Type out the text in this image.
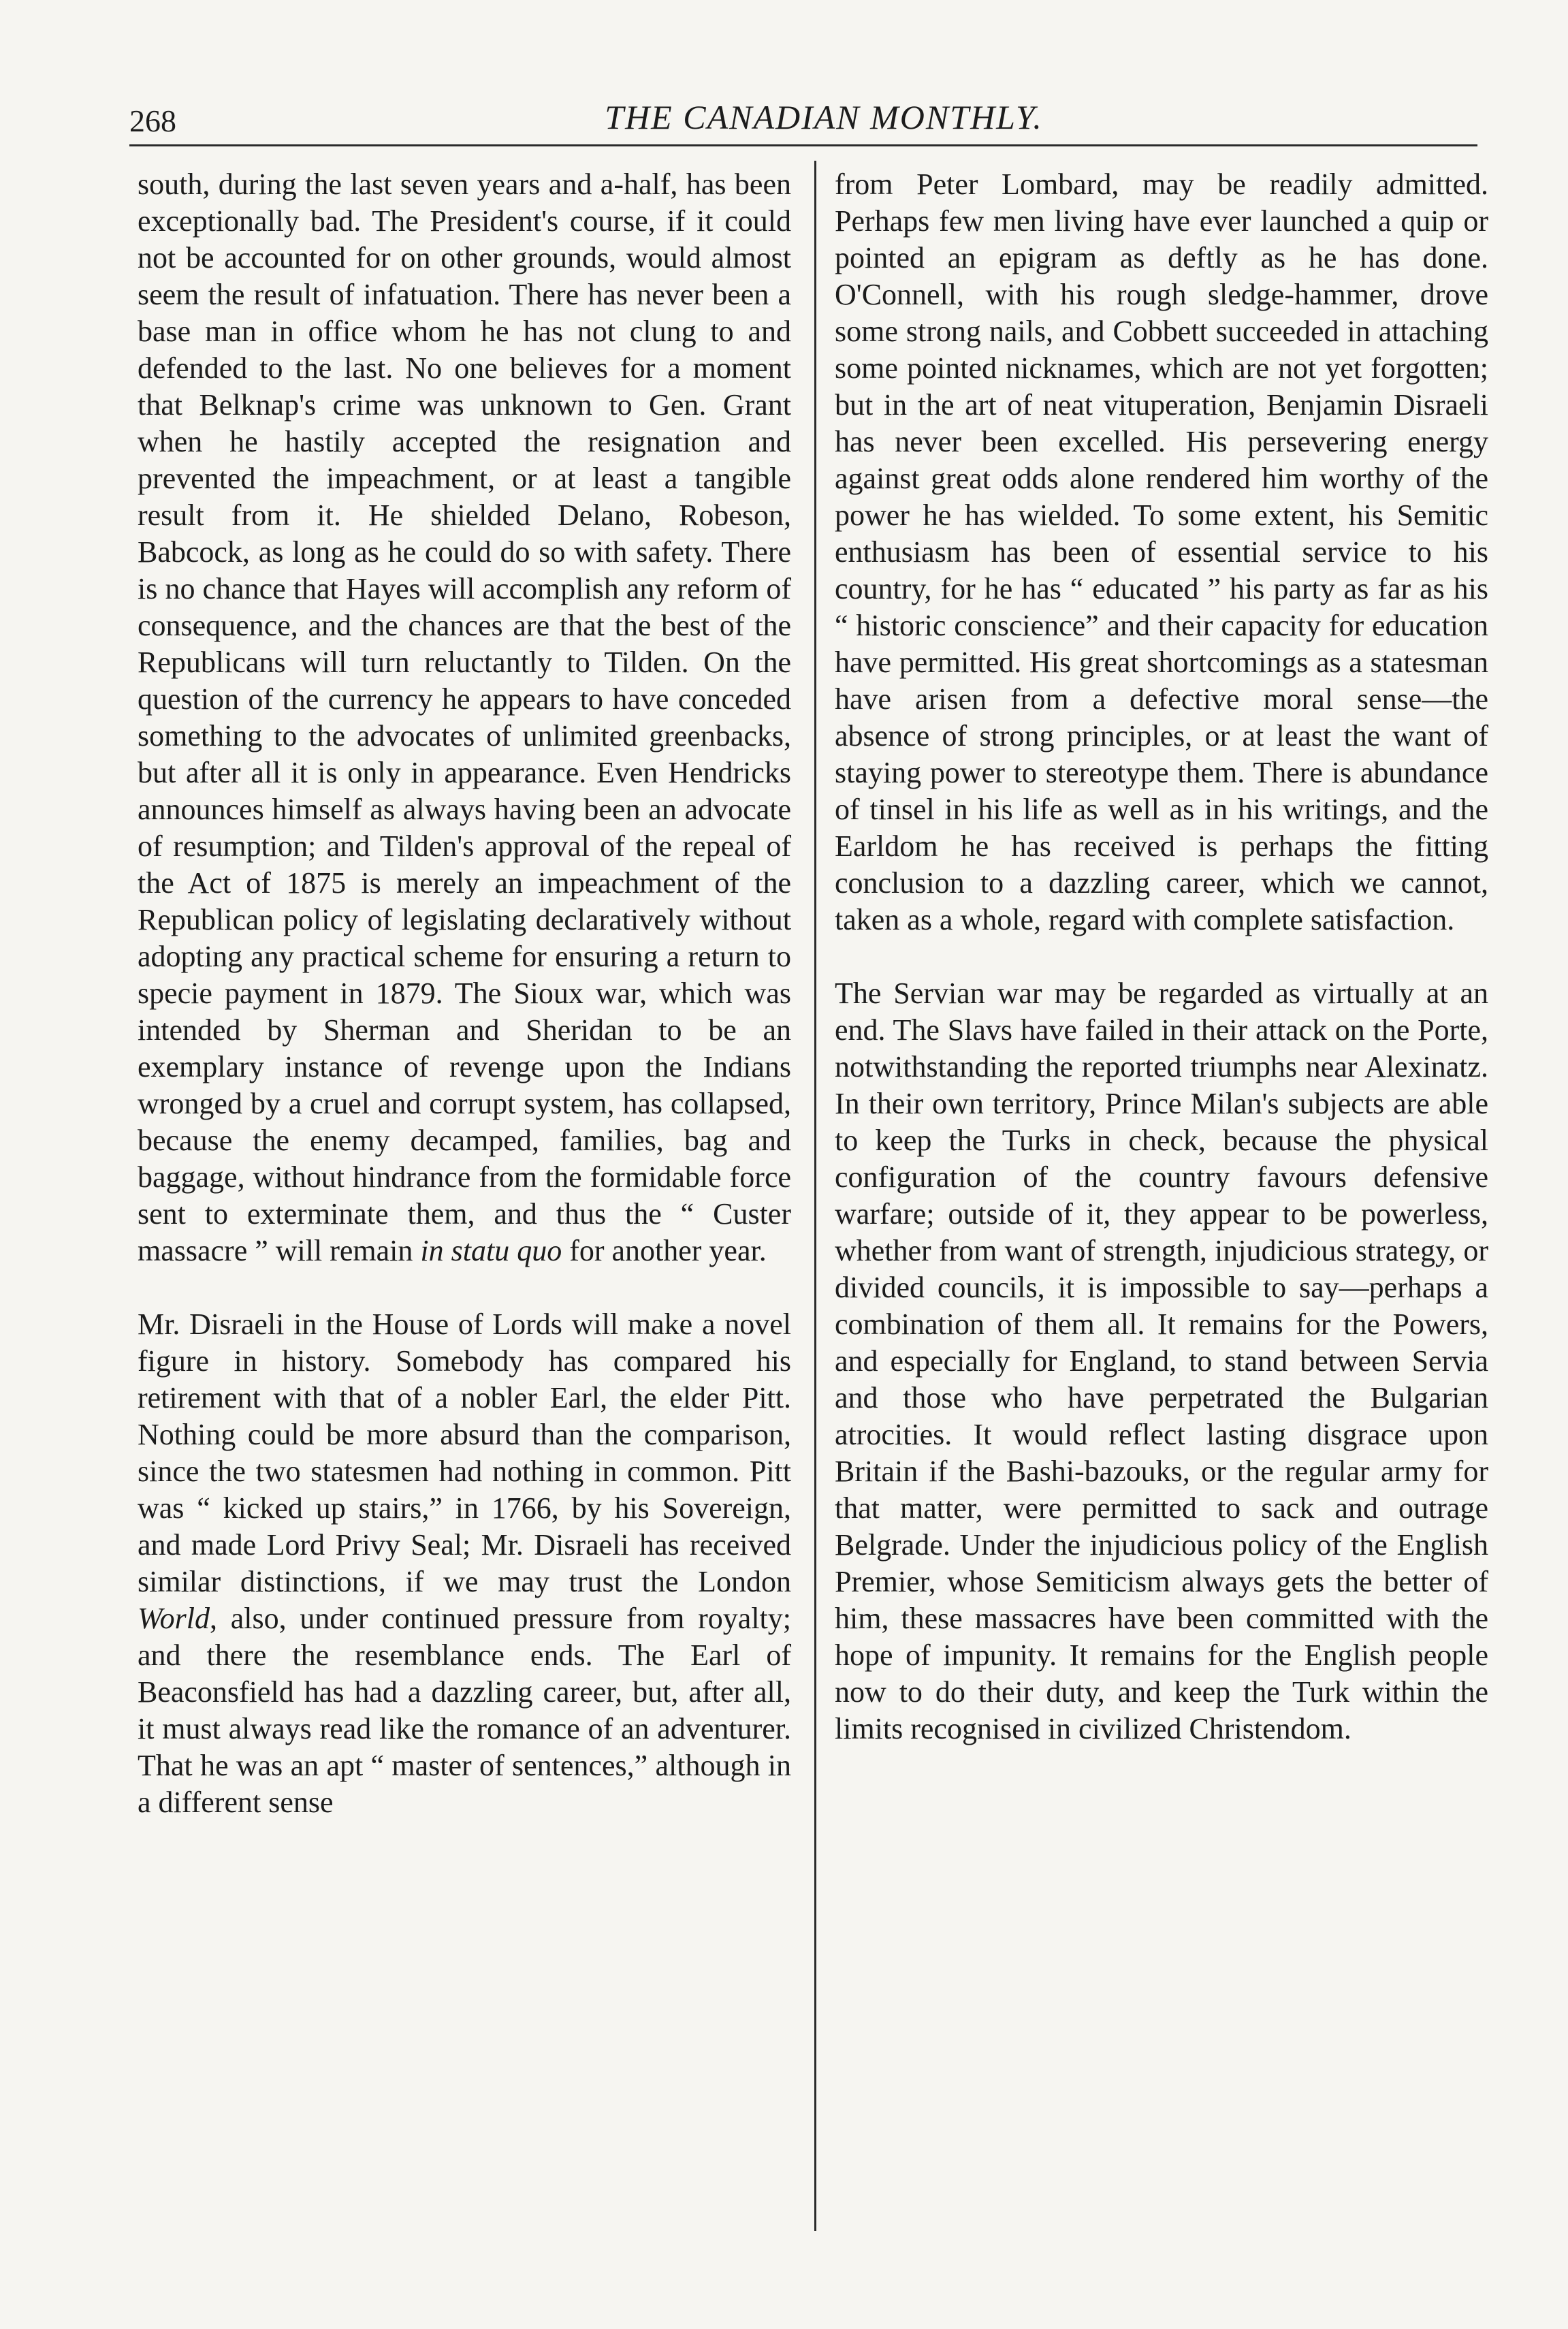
268	THE CANADIAN MONTHLY.

south, during the last seven years and a-half, has been exceptionally bad. The President's course, if it could not be accounted for on other grounds, would almost seem the result of infatuation. There has never been a base man in office whom he has not clung to and defended to the last. No one believes for a moment that Belknap's crime was unknown to Gen. Grant when he hastily accepted the resignation and prevented the impeachment, or at least a tangible result from it. He shielded Delano, Robeson, Babcock, as long as he could do so with safety. There is no chance that Hayes will accomplish any reform of consequence, and the chances are that the best of the Republicans will turn reluctantly to Tilden. On the question of the currency he appears to have conceded something to the advocates of unlimited greenbacks, but after all it is only in appearance. Even Hendricks announces himself as always having been an advocate of resumption; and Tilden's approval of the repeal of the Act of 1875 is merely an impeachment of the Republican policy of legislating declaratively without adopting any practical scheme for ensuring a return to specie payment in 1879. The Sioux war, which was intended by Sherman and Sheridan to be an exemplary instance of revenge upon the Indians wronged by a cruel and corrupt system, has collapsed, because the enemy decamped, families, bag and baggage, without hindrance from the formidable force sent to exterminate them, and thus the “ Custer massacre ” will remain in statu quo for another year.

Mr. Disraeli in the House of Lords will make a novel figure in history. Somebody has compared his retirement with that of a nobler Earl, the elder Pitt. Nothing could be more absurd than the comparison, since the two statesmen had nothing in common. Pitt was “ kicked up stairs,” in 1766, by his Sovereign, and made Lord Privy Seal; Mr. Disraeli has received similar distinctions, if we may trust the London World, also, under continued pressure from royalty; and there the resemblance ends. The Earl of Beaconsfield has had a dazzling career, but, after all, it must always read like the romance of an adventurer. That he was an apt “ master of sentences,” although in a different sense

from Peter Lombard, may be readily admitted. Perhaps few men living have ever launched a quip or pointed an epigram as deftly as he has done. O'Connell, with his rough sledge-hammer, drove some strong nails, and Cobbett succeeded in attaching some pointed nicknames, which are not yet forgotten; but in the art of neat vituperation, Benjamin Disraeli has never been excelled. His persevering energy against great odds alone rendered him worthy of the power he has wielded. To some extent, his Semitic enthusiasm has been of essential service to his country, for he has “ educated ” his party as far as his “ historic conscience” and their capacity for education have permitted. His great shortcomings as a statesman have arisen from a defective moral sense—the absence of strong principles, or at least the want of staying power to stereotype them. There is abundance of tinsel in his life as well as in his writings, and the Earldom he has received is perhaps the fitting conclusion to a dazzling career, which we cannot, taken as a whole, regard with complete satisfaction.

The Servian war may be regarded as virtually at an end. The Slavs have failed in their attack on the Porte, notwithstanding the reported triumphs near Alexinatz. In their own territory, Prince Milan's subjects are able to keep the Turks in check, because the physical configuration of the country favours defensive warfare; outside of it, they appear to be powerless, whether from want of strength, injudicious strategy, or divided councils, it is impossible to say—perhaps a combination of them all. It remains for the Powers, and especially for England, to stand between Servia and those who have perpetrated the Bulgarian atrocities. It would reflect lasting disgrace upon Britain if the Bashi-bazouks, or the regular army for that matter, were permitted to sack and outrage Belgrade. Under the injudicious policy of the English Premier, whose Semiticism always gets the better of him, these massacres have been committed with the hope of impunity. It remains for the English people now to do their duty, and keep the Turk within the limits recognised in civilized Christendom.
